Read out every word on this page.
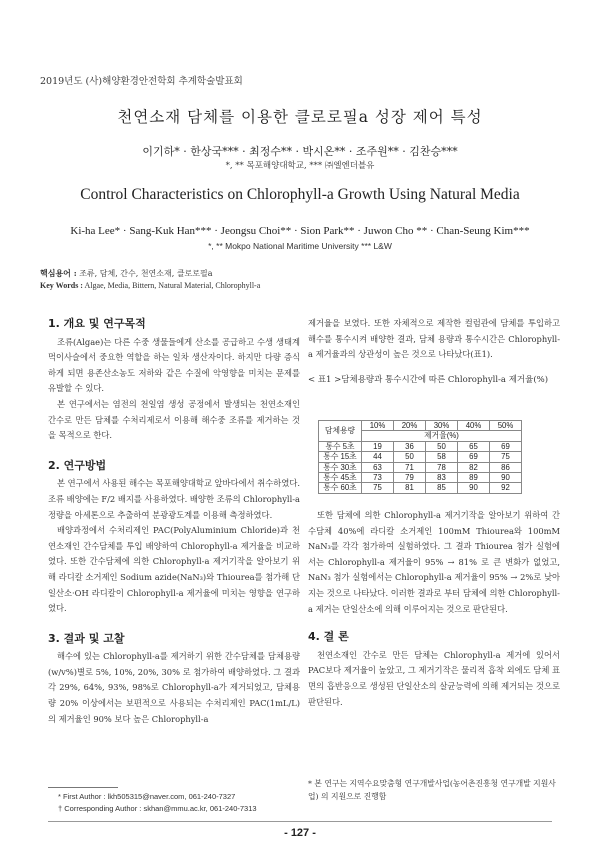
2019년도 (사)해양환경안전학회 추계학술발표회
천연소재 담체를 이용한 클로로필a 성장 제어 특성
이기하* · 한상국*** · 최정수** · 박시온** · 조주원** · 김찬승***
*, ** 목포해양대학교, *** ㈜엘엔더블유
Control Characteristics on Chlorophyll-a Growth Using Natural Media
Ki-ha Lee* · Sang-Kuk Han*** · Jeongsu Choi** · Sion Park** · Juwon Cho ** · Chan-Seung Kim***
*, ** Mokpo National Maritime University *** L&W
핵심용어 : 조류, 담체, 간수, 천연소재, 클로로필a
Key Words : Algae, Media, Bittern, Natural Material, Chlorophyll-a
1. 개요 및 연구목적

조류(Algae)는 다른 수중 생물들에게 산소를 공급하고 수생 생태계 먹이사슬에서 중요한 역할을 하는 일차 생산자이다. 하지만 다량 증식하게 되면 용존산소농도 저하와 같은 수질에 악영향을 미치는 문제를 유발할 수 있다.

본 연구에서는 염전의 천일염 생성 공정에서 발생되는 천연소재인 간수로 만든 담체를 수처리제로서 이용해 해수중 조류를 제거하는 것을 목적으로 한다.

2. 연구방법

본 연구에서 사용된 해수는 목포해양대학교 앞바다에서 취수하였다. 조류 배양에는 F/2 배지를 사용하였다. 배양한 조류의 Chlorophyll-a정량을 아세톤으로 추출하여 분광광도계를 이용해 측정하였다.

배양과정에서 수처리제인 PAC(PolyAluminium Chloride)과 천연소재인 간수담체를 투입 배양하여 Chlorophyll-a 제거율을 비교하였다. 또한 간수담체에 의한 Chlorophyll-a 제거기작을 알아보기 위해 라디칼 소거제인 Sodium azide(NaN₃)와 Thiourea를 첨가해 단일산소·OH 라디칼이 Chlorophyll-a 제거율에 미치는 영향을 연구하였다.

3. 결과 및 고찰

해수에 있는 Chlorophyll-a를 제거하기 위한 간수담체를 담체용량(w/v%)별로 5%, 10%, 20%, 30% 로 첨가하여 배양하였다. 그 결과 각 29%, 64%, 93%, 98%로 Chlorophyll-a가 제거되었고, 담체용량 20% 이상에서는 보편적으로 사용되는 수처리제인 PAC(1mL/L)의 제거율인 90% 보다 높은 Chlorophyll-a

제거율을 보였다. 또한 자체적으로 제작한 컬럼관에 담체를 투입하고 해수를 통수시켜 배양한 결과, 담체 용량과 통수시간은 Chlorophyll-a 제거율과의 상관성이 높은 것으로 나타났다(표1).

< 표1 >담체용량과 통수시간에 따른 Chlorophyll-a 제거율(%)
담체용량	10%	20%	30%	40%	50%
	제거율(%)				
통수 5초	19	36	50	65	69
통수 15초	44	50	58	69	75
통수 30초	63	71	78	82	86
통수 45초	73	79	83	89	90
통수 60초	75	81	85	90	92

또한 담체에 의한 Chlorophyll-a 제거기작을 알아보기 위하여 간수담체 40%에 라디칼 소거제인 100mM Thiourea와 100mM NaN₃를 각각 첨가하여 실험하였다. 그 결과 Thiourea 첨가 실험에서는 Chlorophyll-a 제거율이 95% → 81% 로 큰 변화가 없었고, NaN₃ 첨가 실험에서는 Chlorophyll-a 제거율이 95% → 2%로 낮아지는 것으로 나타났다. 이러한 결과로 부터 담체에 의한 Chlorophyll-a 제거는 단일산소에 의해 이루어지는 것으로 판단된다.

4. 결 론

천연소재인 간수로 만든 담체는 Chlorophyll-a 제거에 있어서 PAC보다 제거율이 높았고, 그 제거기작은 물리적 흡착 외에도 담체 표면의 흡반응으로 생성된 단일산소의 살균능력에 의해 제거되는 것으로 판단된다.

* 본 연구는 지역수요맞춤형 연구개발사업(농어촌진흥청 연구개발 지원사업) 의 지원으로 진행함
* First Author : lkh505315@naver.com, 061-240-7327
† Corresponding Author : skhan@mmu.ac.kr, 061-240-7313
- 127 -
